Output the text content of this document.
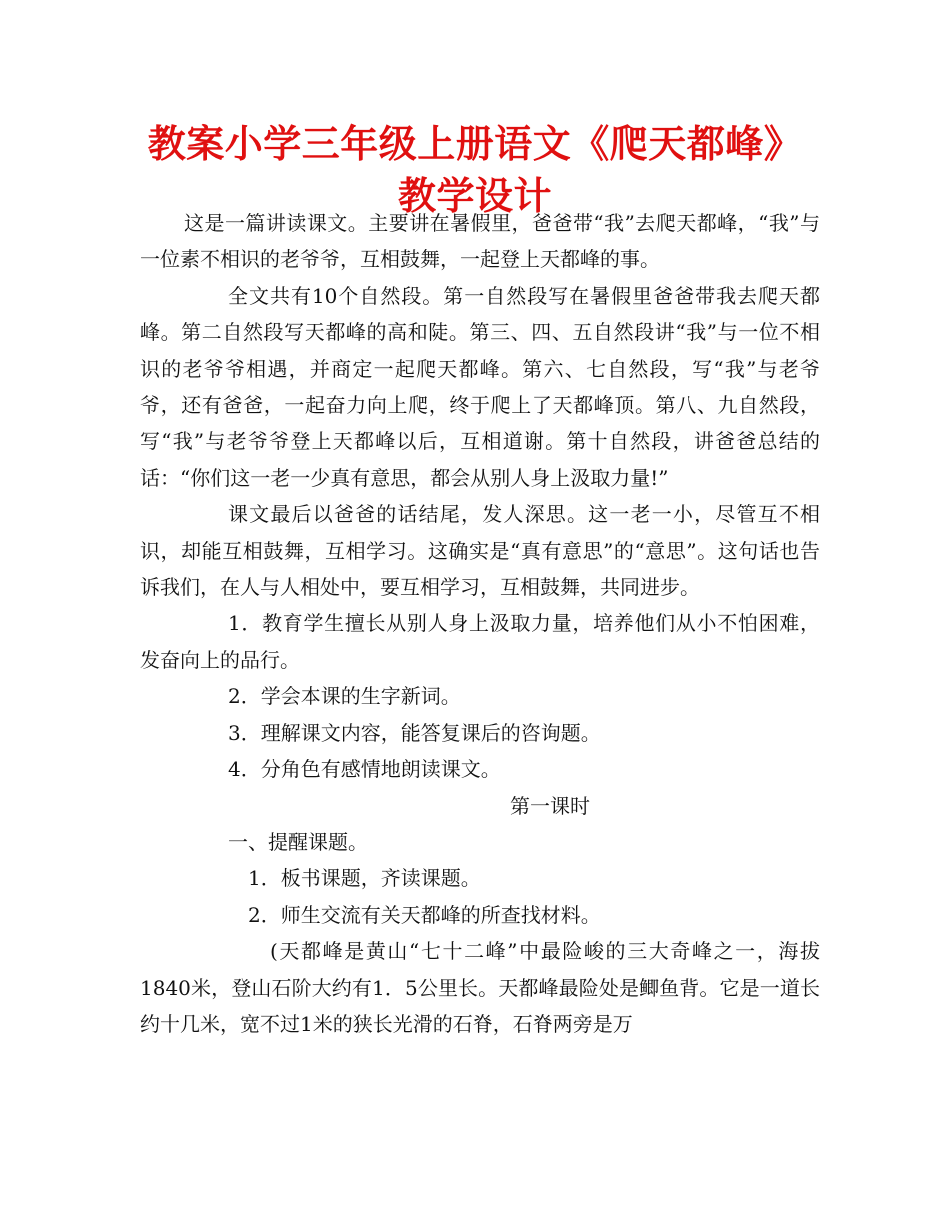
教案小学三年级上册语文《爬天都峰》教学设计

这是一篇讲读课文。主要讲在暑假里，爸爸带“我”去爬天都峰，“我”与一位素不相识的老爷爷，互相鼓舞，一起登上天都峰的事。

全文共有10个自然段。第一自然段写在暑假里爸爸带我去爬天都峰。第二自然段写天都峰的高和陡。第三、四、五自然段讲“我”与一位不相识的老爷爷相遇，并商定一起爬天都峰。第六、七自然段，写“我”与老爷爷，还有爸爸，一起奋力向上爬，终于爬上了天都峰顶。第八、九自然段，写“我”与老爷爷登上天都峰以后，互相道谢。第十自然段，讲爸爸总结的话：“你们这一老一少真有意思，都会从别人身上汲取力量!”

课文最后以爸爸的话结尾，发人深思。这一老一小，尽管互不相识，却能互相鼓舞，互相学习。这确实是“真有意思”的“意思”。这句话也告诉我们，在人与人相处中，要互相学习，互相鼓舞，共同进步。

1．教育学生擅长从别人身上汲取力量，培养他们从小不怕困难，发奋向上的品行。

2．学会本课的生字新词。

3．理解课文内容，能答复课后的咨询题。

4．分角色有感情地朗读课文。

第一课时

一、提醒课题。

1．板书课题，齐读课题。

2．师生交流有关天都峰的所查找材料。

(天都峰是黄山“七十二峰”中最险峻的三大奇峰之一，海拔1840米，登山石阶大约有1．5公里长。天都峰最险处是鲫鱼背。它是一道长约十几米，宽不过1米的狭长光滑的石脊，石脊两旁是万
